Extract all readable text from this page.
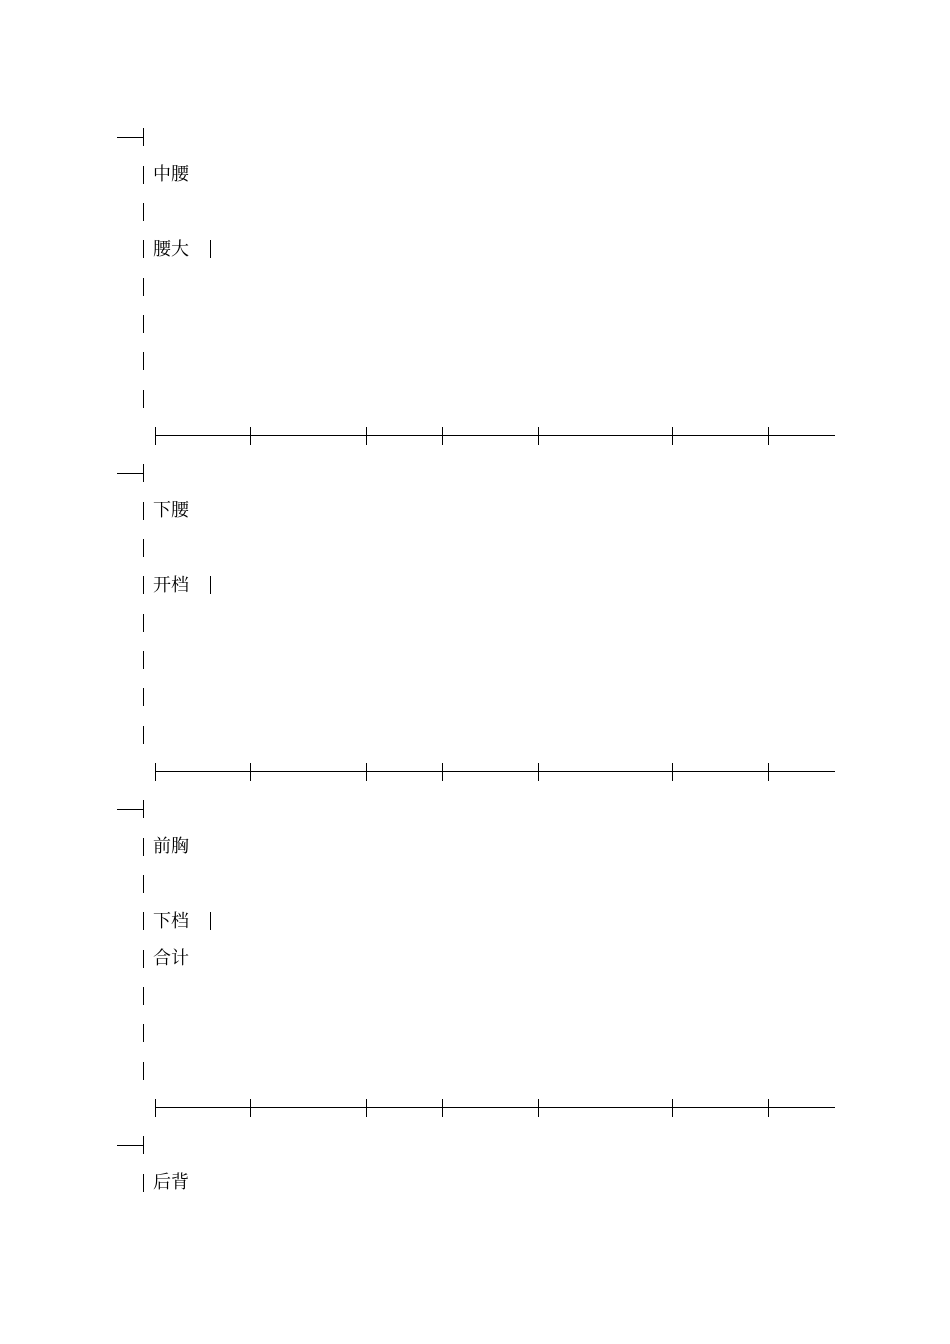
中腰
腰大
下腰
开档
前胸
下档
合计
后背
